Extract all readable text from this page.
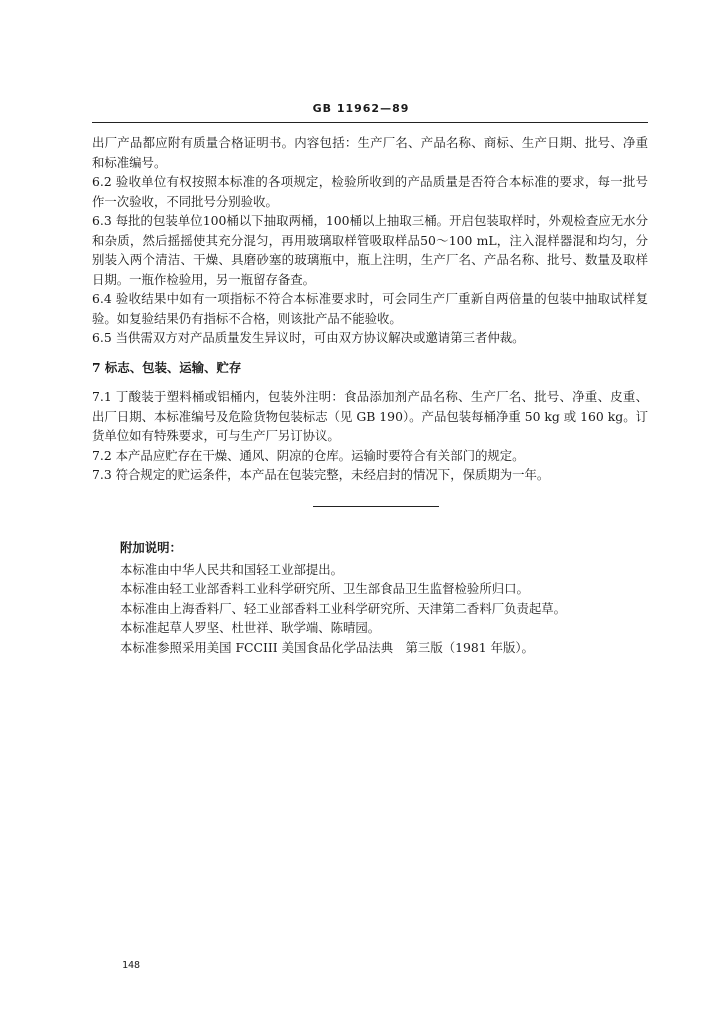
GB 11962—89

出厂产品都应附有质量合格证明书。内容包括：生产厂名、产品名称、商标、生产日期、批号、净重和标准编号。

6.2 验收单位有权按照本标准的各项规定，检验所收到的产品质量是否符合本标准的要求，每一批号作一次验收，不同批号分别验收。

6.3 每批的包装单位100桶以下抽取两桶，100桶以上抽取三桶。开启包装取样时，外观检查应无水分和杂质，然后摇摇使其充分混匀，再用玻璃取样管吸取样品50～100 mL，注入混样器混和均匀，分别装入两个清洁、干燥、具磨砂塞的玻璃瓶中，瓶上注明，生产厂名、产品名称、批号、数量及取样日期。一瓶作检验用，另一瓶留存备查。

6.4 验收结果中如有一项指标不符合本标准要求时，可会同生产厂重新自两倍量的包装中抽取试样复验。如复验结果仍有指标不合格，则该批产品不能验收。

6.5 当供需双方对产品质量发生异议时，可由双方协议解决或邀请第三者仲裁。

7 标志、包装、运输、贮存

7.1 丁酸装于塑料桶或铝桶内，包装外注明：食品添加剂产品名称、生产厂名、批号、净重、皮重、出厂日期、本标准编号及危险货物包装标志（见 GB 190）。产品包装每桶净重 50 kg 或 160 kg。订货单位如有特殊要求，可与生产厂另订协议。

7.2 本产品应贮存在干燥、通风、阴凉的仓库。运输时要符合有关部门的规定。

7.3 符合规定的贮运条件，本产品在包装完整，未经启封的情况下，保质期为一年。

附加说明：

本标准由中华人民共和国轻工业部提出。

本标准由轻工业部香料工业科学研究所、卫生部食品卫生监督检验所归口。

本标准由上海香料厂、轻工业部香料工业科学研究所、天津第二香料厂负责起草。

本标准起草人罗坚、杜世祥、耿学端、陈晴园。

本标准参照采用美国 FCCIII 美国食品化学品法典　第三版（1981 年版）。

148
